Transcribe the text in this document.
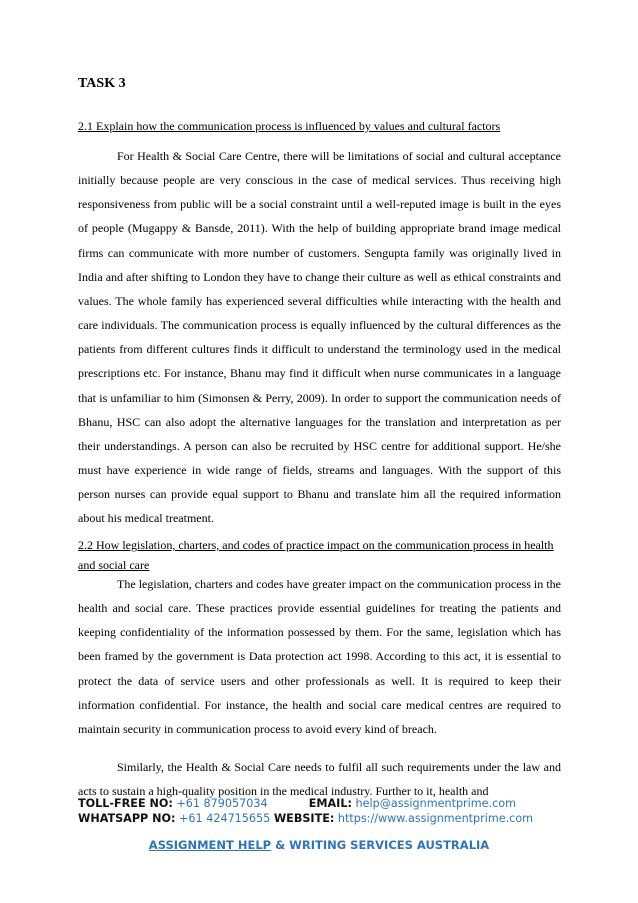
TASK 3

2.1 Explain how the communication process is influenced by values and cultural factors

For Health & Social Care Centre, there will be limitations of social and cultural acceptance initially because people are very conscious in the case of medical services. Thus receiving high responsiveness from public will be a social constraint until a well-reputed image is built in the eyes of people (Mugappy & Bansde, 2011). With the help of building appropriate brand image medical firms can communicate with more number of customers. Sengupta family was originally lived in India and after shifting to London they have to change their culture as well as ethical constraints and values. The whole family has experienced several difficulties while interacting with the health and care individuals. The communication process is equally influenced by the cultural differences as the patients from different cultures finds it difficult to understand the terminology used in the medical prescriptions etc. For instance, Bhanu may find it difficult when nurse communicates in a language that is unfamiliar to him (Simonsen & Perry, 2009). In order to support the communication needs of Bhanu, HSC can also adopt the alternative languages for the translation and interpretation as per their understandings. A person can also be recruited by HSC centre for additional support. He/she must have experience in wide range of fields, streams and languages. With the support of this person nurses can provide equal support to Bhanu and translate him all the required information about his medical treatment.

2.2 How legislation, charters, and codes of practice impact on the communication process in health and social care

The legislation, charters and codes have greater impact on the communication process in the health and social care. These practices provide essential guidelines for treating the patients and keeping confidentiality of the information possessed by them. For the same, legislation which has been framed by the government is Data protection act 1998. According to this act, it is essential to protect the data of service users and other professionals as well. It is required to keep their information confidential. For instance, the health and social care medical centres are required to maintain security in communication process to avoid every kind of breach.

Similarly, the Health & Social Care needs to fulfil all such requirements under the law and acts to sustain a high-quality position in the medical industry. Further to it, health and

TOLL-FREE NO: +61 879057034	EMAIL: help@assignmentprime.com
WHATSAPP NO: +61 424715655 WEBSITE: https://www.assignmentprime.com
ASSIGNMENT HELP & WRITING SERVICES AUSTRALIA
